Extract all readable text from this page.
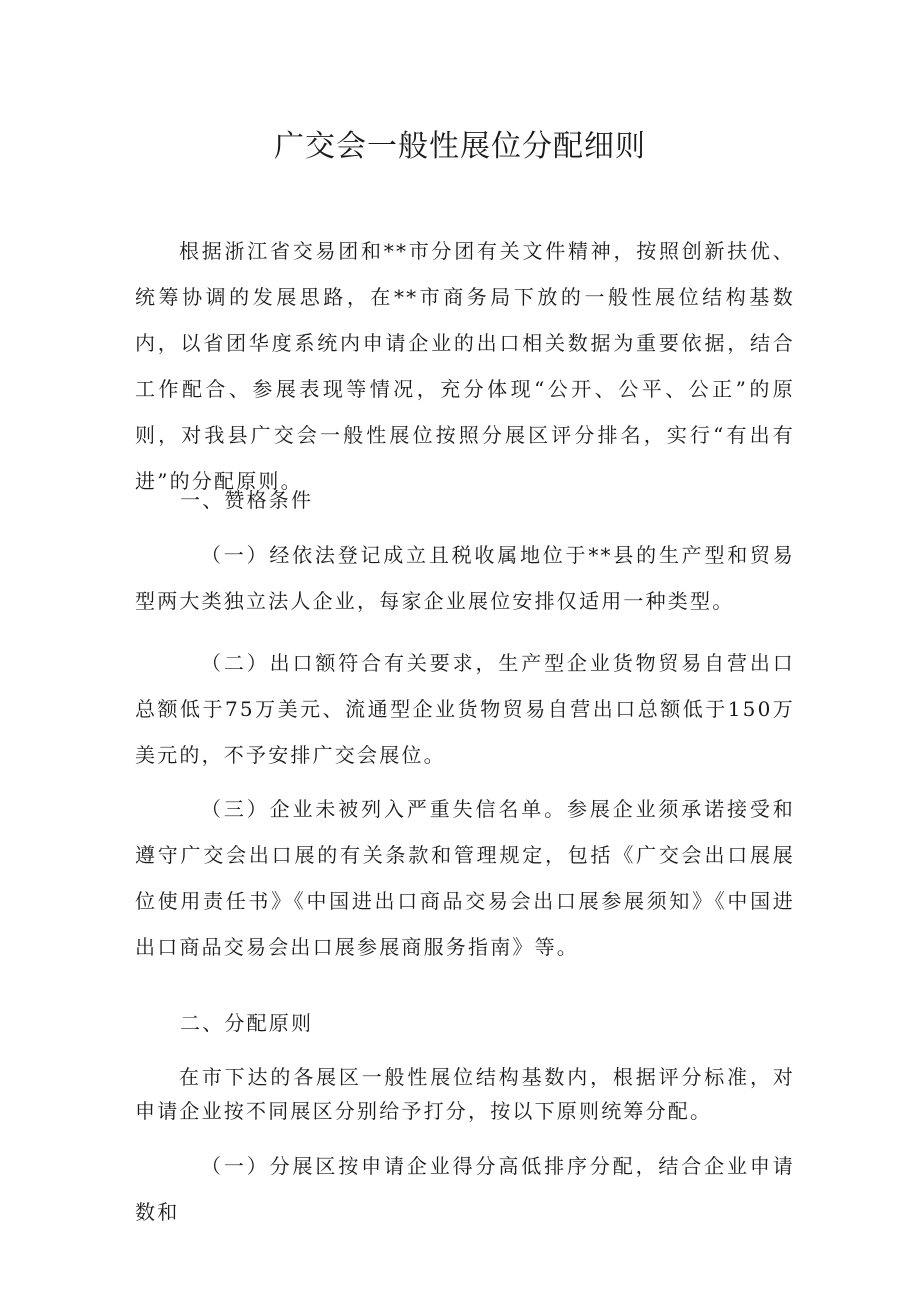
广交会一般性展位分配细则

根据浙江省交易团和**市分团有关文件精神，按照创新扶优、统筹协调的发展思路，在**市商务局下放的一般性展位结构基数内，以省团华度系统内申请企业的出口相关数据为重要依据，结合工作配合、参展表现等情况，充分体现“公开、公平、公正”的原则，对我县广交会一般性展位按照分展区评分排名，实行“有出有进”的分配原则。

一、赞格条件

（一）经依法登记成立且税收属地位于**县的生产型和贸易型两大类独立法人企业，每家企业展位安排仅适用一种类型。

（二）出口额符合有关要求，生产型企业货物贸易自营出口总额低于75万美元、流通型企业货物贸易自营出口总额低于150万美元的，不予安排广交会展位。

（三）企业未被列入严重失信名单。参展企业须承诺接受和遵守广交会出口展的有关条款和管理规定，包括《广交会出口展展位使用责任书》《中国进出口商品交易会出口展参展须知》《中国进出口商品交易会出口展参展商服务指南》等。

二、分配原则

在市下达的各展区一般性展位结构基数内，根据评分标准，对申请企业按不同展区分别给予打分，按以下原则统筹分配。

（一）分展区按申请企业得分高低排序分配，结合企业申请数和
